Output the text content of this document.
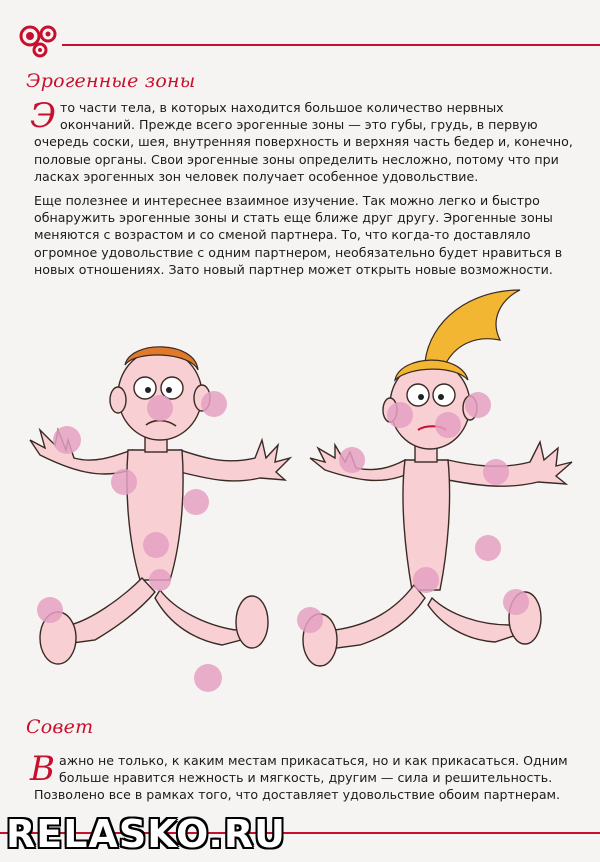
Эрогенные зоны

Это части тела, в которых находится большое количество нервных окончаний. Прежде всего эрогенные зоны — это губы, грудь, в первую очередь соски, шея, внутренняя поверхность и верхняя часть бедер и, конечно, половые органы. Свои эрогенные зоны определить несложно, потому что при ласках эрогенных зон человек получает особенное удовольствие.

Еще полезнее и интереснее взаимное изучение. Так можно легко и быстро обнаружить эрогенные зоны и стать еще ближе друг другу. Эрогенные зоны меняются с возрастом и со сменой партнера. То, что когда-то доставляло огромное удовольствие с одним партнером, необязательно будет нравиться в новых отношениях. Зато новый партнер может открыть новые возможности.

Совет

Важно не только, к каким местам прикасаться, но и как прикасаться. Одним больше нравится нежность и мягкость, другим — сила и решительность. Позволено все в рамках того, что доставляет удовольствие обоим партнерам.

RELASKO.RU
